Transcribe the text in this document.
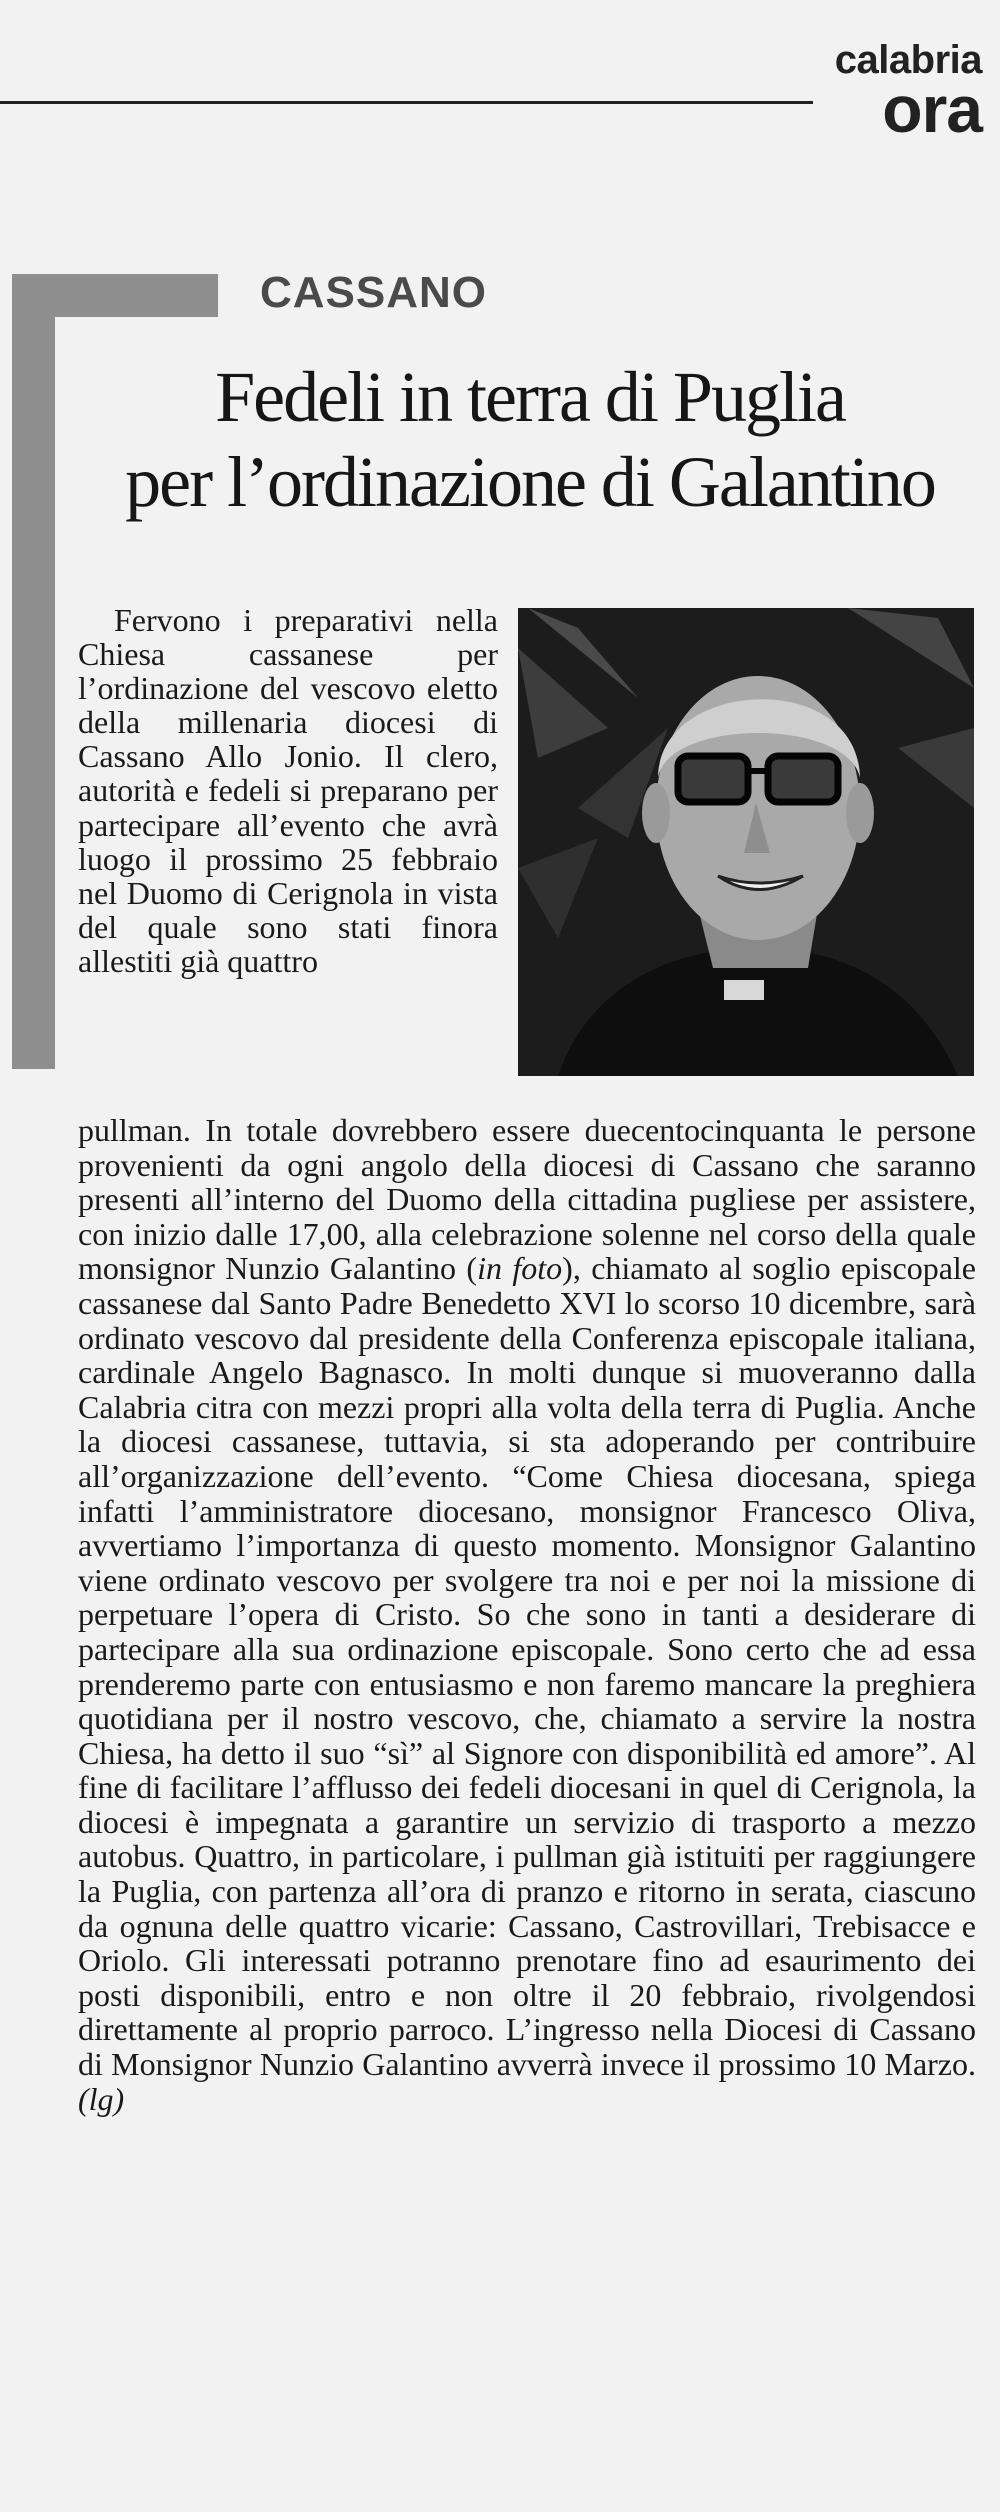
calabria
ora
CASSANO
Fedeli in terra di Puglia
per l’ordinazione di Galantino

Fervono i preparativi nella Chiesa cassanese per l’ordinazione del vescovo eletto della millenaria diocesi di Cassano Allo Jonio. Il clero, autorità e fedeli si preparano per partecipare all’evento che avrà luogo il prossimo 25 febbraio nel Duomo di Cerignola in vista del quale sono stati finora allestiti già quattro

pullman. In totale dovrebbero essere duecentocinquanta le persone provenienti da ogni angolo della diocesi di Cassano che saranno presenti all’interno del Duomo della cittadina pugliese per assistere, con inizio dalle 17,00, alla celebrazione solenne nel corso della quale monsignor Nunzio Galantino (in foto), chiamato al soglio episcopale cassanese dal Santo Padre Benedetto XVI lo scorso 10 dicembre, sarà ordinato vescovo dal presidente della Conferenza episcopale italiana, cardinale Angelo Bagnasco. In molti dunque si muoveranno dalla Calabria citra con mezzi propri alla volta della terra di Puglia. Anche la diocesi cassanese, tuttavia, si sta adoperando per contribuire all’organizzazione dell’evento. “Come Chiesa diocesana, spiega infatti l’amministratore diocesano, monsignor Francesco Oliva, avvertiamo l’importanza di questo momento. Monsignor Galantino viene ordinato vescovo per svolgere tra noi e per noi la missione di perpetuare l’opera di Cristo. So che sono in tanti a desiderare di partecipare alla sua ordinazione episcopale. Sono certo che ad essa prenderemo parte con entusiasmo e non faremo mancare la preghiera quotidiana per il nostro vescovo, che, chiamato a servire la nostra Chiesa, ha detto il suo “sì” al Signore con disponibilità ed amore”. Al fine di facilitare l’afflusso dei fedeli diocesani in quel di Cerignola, la diocesi è impegnata a garantire un servizio di trasporto a mezzo autobus. Quattro, in particolare, i pullman già istituiti per raggiungere la Puglia, con partenza all’ora di pranzo e ritorno in serata, ciascuno da ognuna delle quattro vicarie: Cassano, Castrovillari, Trebisacce e Oriolo. Gli interessati potranno prenotare fino ad esaurimento dei posti disponibili, entro e non oltre il 20 febbraio, rivolgendosi direttamente al proprio parroco. L’ingresso nella Diocesi di Cassano di Monsignor Nunzio Galantino avverrà invece il prossimo 10 Marzo. (lg)
